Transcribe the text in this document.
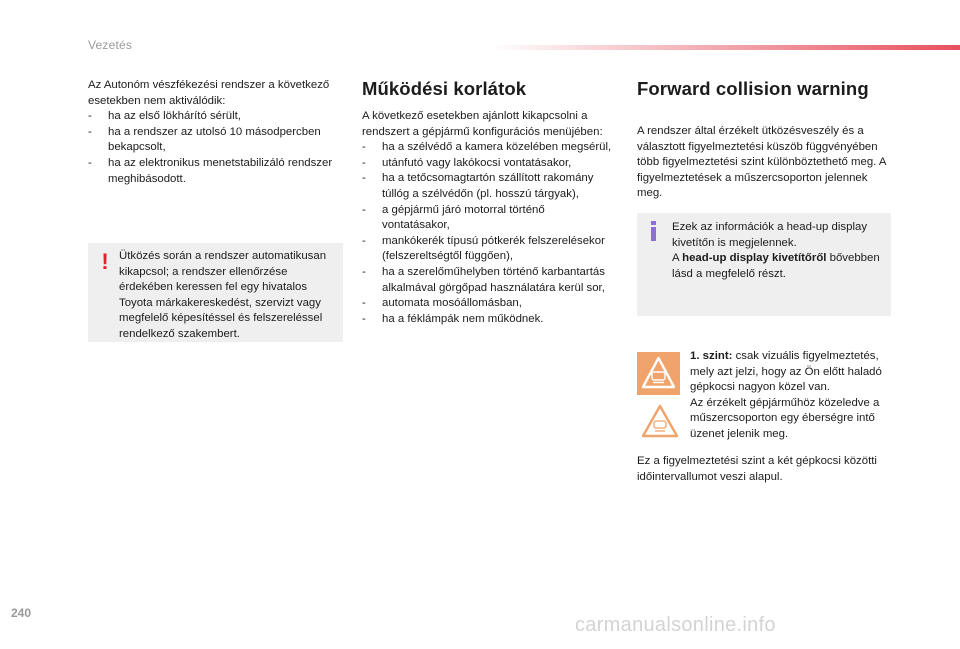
Vezetés

Az Autonóm vészfékezési rendszer a következő esetekben nem aktiválódik:

- ha az első lökhárító sérült,
- ha a rendszer az utolsó 10 másodpercben bekapcsolt,
- ha az elektronikus menetstabilizáló rendszer meghibásodott.
! Ütközés során a rendszer automatikusan kikapcsol; a rendszer ellenőrzése érdekében keressen fel egy hivatalos Toyota márkakereskedést, szervizt vagy megfelelő képesítéssel és felszereléssel rendelkező szakembert.

Működési korlátok

A következő esetekben ajánlott kikapcsolni a rendszert a gépjármű konfigurációs menüjében:

- ha a szélvédő a kamera közelében megsérül,
- utánfutó vagy lakókocsi vontatásakor,
- ha a tetőcsomagtartón szállított rakomány túllóg a szélvédőn (pl. hosszú tárgyak),
- a gépjármű járó motorral történő vontatásakor,
- mankókerék típusú pótkerék felszerelésekor (felszereltségtől függően),
- ha a szerelőműhelyben történő karbantartás alkalmával görgőpad használatára kerül sor,
- automata mosóállomásban,
- ha a féklámpák nem működnek.
Forward collision warning

A rendszer által érzékelt ütközésveszély és a választott figyelmeztetési küszöb függvényében több figyelmeztetési szint különböztethető meg. A figyelmeztetések a műszercsoporton jelennek meg.

Ezek az információk a head-up display kivetítőn is megjelennek.
A head-up display kivetítőről bővebben lásd a megfelelő részt.

1. szint: csak vizuális figyelmeztetés, mely azt jelzi, hogy az Ön előtt haladó gépkocsi nagyon közel van.

Az érzékelt gépjárműhöz közeledve a műszercsoporton egy éberségre intő üzenet jelenik meg.

Ez a figyelmeztetési szint a két gépkocsi közötti időintervallumot veszi alapul.

240
carmanualsonline.info
